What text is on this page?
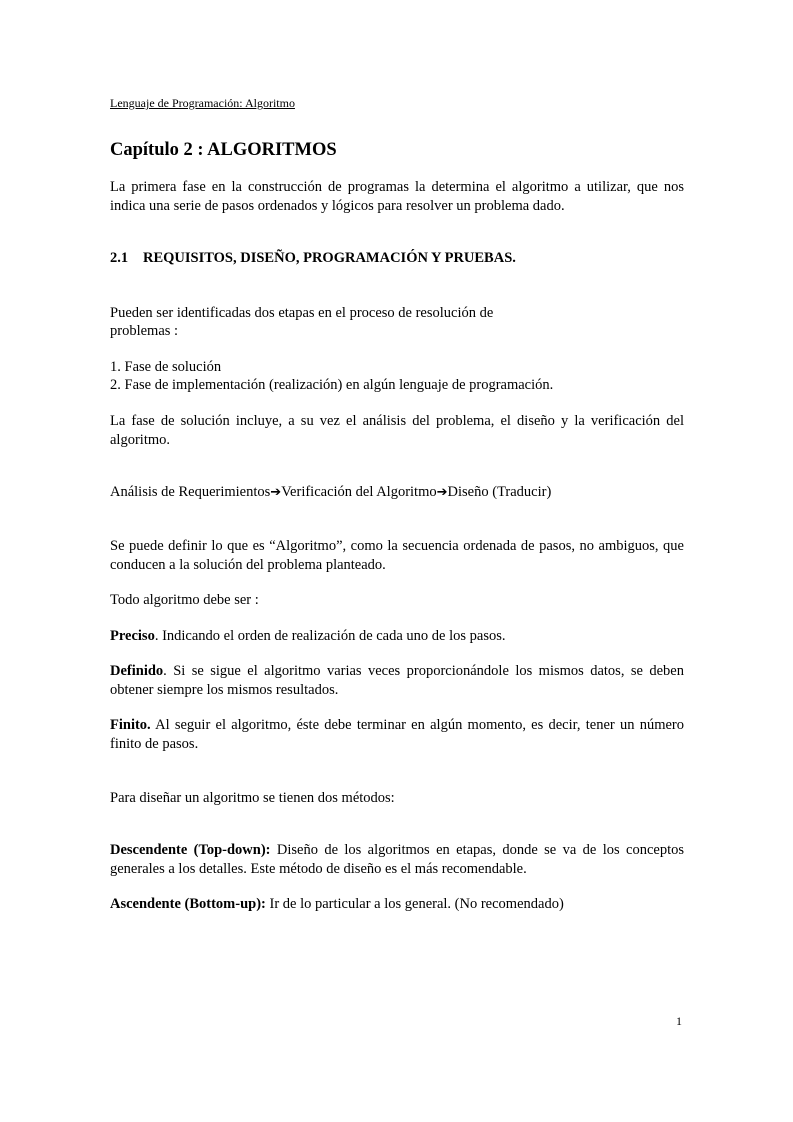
Lenguaje de Programación: Algoritmo
Capítulo 2 : ALGORITMOS
La primera fase en la construcción de programas la determina el algoritmo a utilizar, que nos indica una serie de pasos ordenados y lógicos para resolver un problema dado.
2.1 REQUISITOS, DISEÑO, PROGRAMACIÓN Y PRUEBAS.
Pueden ser identificadas dos etapas en el proceso de resolución de
problemas :
1. Fase de solución
2. Fase de implementación (realización) en algún lenguaje de programación.
La fase de solución incluye, a su vez el análisis del problema, el diseño y la verificación del algoritmo.
Análisis de Requerimientos➔Verificación del Algoritmo➔Diseño (Traducir)
Se puede definir lo que es “Algoritmo”, como la secuencia ordenada de pasos, no ambiguos, que conducen a la solución del problema planteado.
Todo algoritmo debe ser :
Preciso. Indicando el orden de realización de cada uno de los pasos.
Definido. Si se sigue el algoritmo varias veces proporcionándole los mismos datos, se deben obtener siempre los mismos resultados.
Finito. Al seguir el algoritmo, éste debe terminar en algún momento, es decir, tener un número finito de pasos.
Para diseñar un algoritmo se tienen dos métodos:
Descendente (Top-down): Diseño de los algoritmos en etapas, donde se va de los conceptos generales a los detalles. Este método de diseño es el más recomendable.
Ascendente (Bottom-up): Ir de lo particular a los general. (No recomendado)
1
